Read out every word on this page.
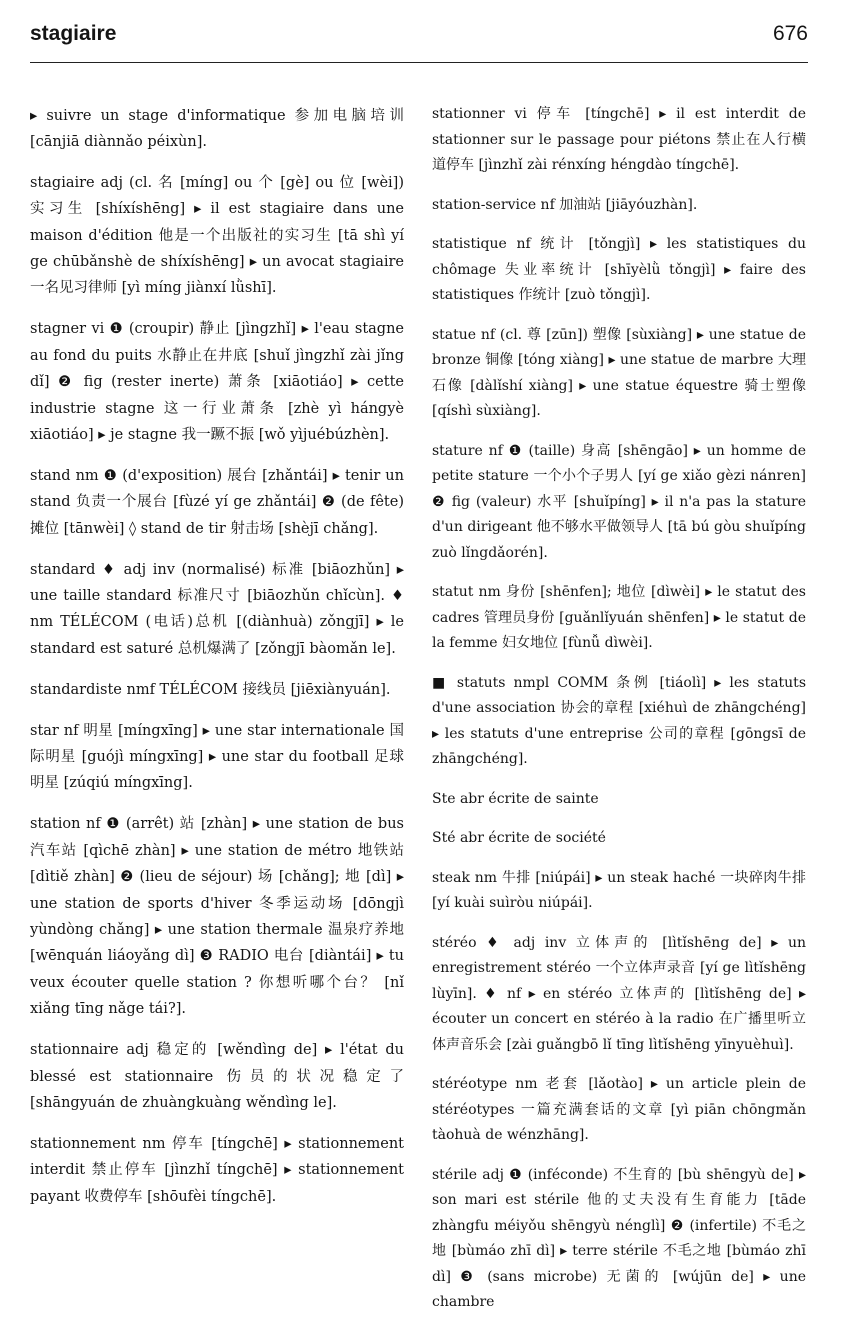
stagiaire	676

▸ suivre un stage d'informatique 参加电脑培训 [cānjiā diànnǎo péixùn].

stagiaire adj (cl. 名 [míng] ou 个 [gè] ou 位 [wèi]) 实习生 [shíxíshēng] ▸ il est stagiaire dans une maison d'édition 他是一个出版社的实习生 [tā shì yí ge chūbǎnshè de shíxíshēng] ▸ un avocat stagiaire 一名见习律师 [yì míng jiànxí lǜshī].

stagner vi ❶ (croupir) 静止 [jìngzhǐ] ▸ l'eau stagne au fond du puits 水静止在井底 [shuǐ jìngzhǐ zài jǐng dǐ] ❷ fig (rester inerte) 萧条 [xiāotiáo] ▸ cette industrie stagne 这一行业萧条 [zhè yì hángyè xiāotiáo] ▸ je stagne 我一蹶不振 [wǒ yìjuébúzhèn].

stand nm ❶ (d'exposition) 展台 [zhǎntái] ▸ tenir un stand 负责一个展台 [fùzé yí ge zhǎntái] ❷ (de fête) 摊位 [tānwèi] ◊ stand de tir 射击场 [shèjī chǎng].

standard ♦ adj inv (normalisé) 标准 [biāozhǔn] ▸ une taille standard 标准尺寸 [biāozhǔn chǐcùn]. ♦ nm TÉLÉCOM (电话)总机 [(diànhuà) zǒngjī] ▸ le standard est saturé 总机爆满了 [zǒngjī bàomǎn le].

standardiste nmf TÉLÉCOM 接线员 [jiēxiànyuán].

star nf 明星 [míngxīng] ▸ une star internationale 国际明星 [guójì míngxīng] ▸ une star du football 足球明星 [zúqiú míngxīng].

station nf ❶ (arrêt) 站 [zhàn] ▸ une station de bus 汽车站 [qìchē zhàn] ▸ une station de métro 地铁站 [dìtiě zhàn] ❷ (lieu de séjour) 场 [chǎng]; 地 [dì] ▸ une station de sports d'hiver 冬季运动场 [dōngjì yùndòng chǎng] ▸ une station thermale 温泉疗养地 [wēnquán liáoyǎng dì] ❸ RADIO 电台 [diàntái] ▸ tu veux écouter quelle station ? 你想听哪个台？ [nǐ xiǎng tīng nǎge tái?].

stationnaire adj 稳定的 [wěndìng de] ▸ l'état du blessé est stationnaire 伤员的状况稳定了 [shāngyuán de zhuàngkuàng wěndìng le].

stationnement nm 停车 [tíngchē] ▸ stationnement interdit 禁止停车 [jìnzhǐ tíngchē] ▸ stationnement payant 收费停车 [shōufèi tíngchē].

stationner vi 停车 [tíngchē] ▸ il est interdit de stationner sur le passage pour piétons 禁止在人行横道停车 [jìnzhǐ zài rénxíng héngdào tíngchē].

station-service nf 加油站 [jiāyóuzhàn].

statistique nf 统计 [tǒngjì] ▸ les statistiques du chômage 失业率统计 [shīyèlǜ tǒngjì] ▸ faire des statistiques 作统计 [zuò tǒngjì].

statue nf (cl. 尊 [zūn]) 塑像 [sùxiàng] ▸ une statue de bronze 铜像 [tóng xiàng] ▸ une statue de marbre 大理石像 [dàlǐshí xiàng] ▸ une statue équestre 骑士塑像 [qíshì sùxiàng].

stature nf ❶ (taille) 身高 [shēngāo] ▸ un homme de petite stature 一个小个子男人 [yí ge xiǎo gèzi nánren] ❷ fig (valeur) 水平 [shuǐpíng] ▸ il n'a pas la stature d'un dirigeant 他不够水平做领导人 [tā bú gòu shuǐpíng zuò lǐngdǎorén].

statut nm 身份 [shēnfen]; 地位 [dìwèi] ▸ le statut des cadres 管理员身份 [guǎnlǐyuán shēnfen] ▸ le statut de la femme 妇女地位 [fùnǚ dìwèi].

■ statuts nmpl COMM 条例 [tiáolì] ▸ les statuts d'une association 协会的章程 [xiéhuì de zhāngchéng] ▸ les statuts d'une entreprise 公司的章程 [gōngsī de zhāngchéng].

Ste abr écrite de sainte

Sté abr écrite de société

steak nm 牛排 [niúpái] ▸ un steak haché 一块碎肉牛排 [yí kuài suìròu niúpái].

stéréo ♦ adj inv 立体声的 [lìtǐshēng de] ▸ un enregistrement stéréo 一个立体声录音 [yí ge lìtǐshēng lùyīn]. ♦ nf ▸ en stéréo 立体声的 [lìtǐshēng de] ▸ écouter un concert en stéréo à la radio 在广播里听立体声音乐会 [zài guǎngbō lǐ tīng lìtǐshēng yīnyuèhuì].

stéréotype nm 老套 [lǎotào] ▸ un article plein de stéréotypes 一篇充满套话的文章 [yì piān chōngmǎn tàohuà de wénzhāng].

stérile adj ❶ (inféconde) 不生育的 [bù shēngyù de] ▸ son mari est stérile 他的丈夫没有生育能力 [tāde zhàngfu méiyǒu shēngyù nénglì] ❷ (infertile) 不毛之地 [bùmáo zhī dì] ▸ terre stérile 不毛之地 [bùmáo zhī dì] ❸ (sans microbe) 无菌的 [wújūn de] ▸ une chambre
